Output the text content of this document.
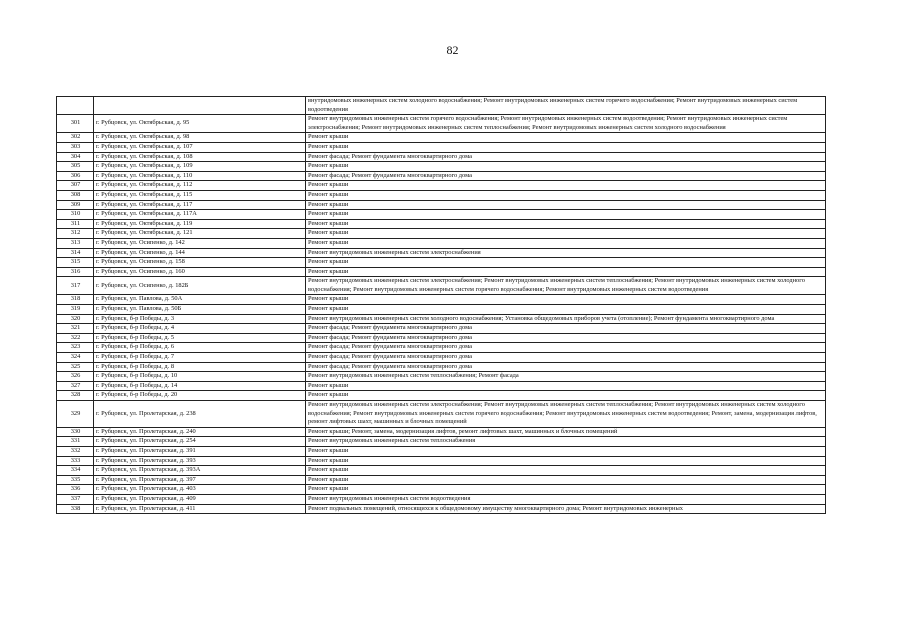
82
		внутридомовых инженерных систем холодного водоснабжения; Ремонт внутридомовых инженерных систем горячего водоснабжения; Ремонт внутридомовых инженерных систем водоотведения
301	г. Рубцовск, ул. Октябрьская, д. 95	Ремонт внутридомовых инженерных систем горячего водоснабжения; Ремонт внутридомовых инженерных систем водоотведения; Ремонт внутридомовых инженерных систем электроснабжения; Ремонт внутридомовых инженерных систем теплоснабжения; Ремонт внутридомовых инженерных систем холодного водоснабжения
302	г. Рубцовск, ул. Октябрьская, д. 98	Ремонт крыши
303	г. Рубцовск, ул. Октябрьская, д. 107	Ремонт крыши
304	г. Рубцовск, ул. Октябрьская, д. 108	Ремонт фасада; Ремонт фундамента многоквартирного дома
305	г. Рубцовск, ул. Октябрьская, д. 109	Ремонт крыши
306	г. Рубцовск, ул. Октябрьская, д. 110	Ремонт фасада; Ремонт фундамента многоквартирного дома
307	г. Рубцовск, ул. Октябрьская, д. 112	Ремонт крыши
308	г. Рубцовск, ул. Октябрьская, д. 115	Ремонт крыши
309	г. Рубцовск, ул. Октябрьская, д. 117	Ремонт крыши
310	г. Рубцовск, ул. Октябрьская, д. 117А	Ремонт крыши
311	г. Рубцовск, ул. Октябрьская, д. 119	Ремонт крыши
312	г. Рубцовск, ул. Октябрьская, д. 121	Ремонт крыши
313	г. Рубцовск, ул. Осипенко, д. 142	Ремонт крыши
314	г. Рубцовск, ул. Осипенко, д. 144	Ремонт внутридомовых инженерных систем электроснабжения
315	г. Рубцовск, ул. Осипенко, д. 158	Ремонт крыши
316	г. Рубцовск, ул. Осипенко, д. 160	Ремонт крыши
317	г. Рубцовск, ул. Осипенко, д. 182Б	Ремонт внутридомовых инженерных систем электроснабжения; Ремонт внутридомовых инженерных систем теплоснабжения; Ремонт внутридомовых инженерных систем холодного водоснабжения; Ремонт внутридомовых инженерных систем горячего водоснабжения; Ремонт внутридомовых инженерных систем водоотведения
318	г. Рубцовск, ул. Павлова, д. 50А	Ремонт крыши
319	г. Рубцовск, ул. Павлова, д. 50Б	Ремонт крыши
320	г. Рубцовск, б-р Победы, д. 3	Ремонт внутридомовых инженерных систем холодного водоснабжения; Установка общедомовых приборов учета (отопление); Ремонт фундамента многоквартирного дома
321	г. Рубцовск, б-р Победы, д. 4	Ремонт фасада; Ремонт фундамента многоквартирного дома
322	г. Рубцовск, б-р Победы, д. 5	Ремонт фасада; Ремонт фундамента многоквартирного дома
323	г. Рубцовск, б-р Победы, д. 6	Ремонт фасада; Ремонт фундамента многоквартирного дома
324	г. Рубцовск, б-р Победы, д. 7	Ремонт фасада; Ремонт фундамента многоквартирного дома
325	г. Рубцовск, б-р Победы, д. 8	Ремонт фасада; Ремонт фундамента многоквартирного дома
326	г. Рубцовск, б-р Победы, д. 10	Ремонт внутридомовых инженерных систем теплоснабжения; Ремонт фасада
327	г. Рубцовск, б-р Победы, д. 14	Ремонт крыши
328	г. Рубцовск, б-р Победы, д. 20	Ремонт крыши
329	г. Рубцовск, ул. Пролетарская, д. 238	Ремонт внутридомовых инженерных систем электроснабжения; Ремонт внутридомовых инженерных систем теплоснабжения; Ремонт внутридомовых инженерных систем холодного водоснабжения; Ремонт внутридомовых инженерных систем горячего водоснабжения; Ремонт внутридомовых инженерных систем водоотведения; Ремонт, замена, модернизация лифтов, ремонт лифтовых шахт, машинных и блочных помещений
330	г. Рубцовск, ул. Пролетарская, д. 240	Ремонт крыши; Ремонт, замена, модернизация лифтов, ремонт лифтовых шахт, машинных и блочных помещений
331	г. Рубцовск, ул. Пролетарская, д. 254	Ремонт внутридомовых инженерных систем теплоснабжения
332	г. Рубцовск, ул. Пролетарская, д. 391	Ремонт крыши
333	г. Рубцовск, ул. Пролетарская, д. 393	Ремонт крыши
334	г. Рубцовск, ул. Пролетарская, д. 393А	Ремонт крыши
335	г. Рубцовск, ул. Пролетарская, д. 397	Ремонт крыши
336	г. Рубцовск, ул. Пролетарская, д. 403	Ремонт крыши
337	г. Рубцовск, ул. Пролетарская, д. 409	Ремонт внутридомовых инженерных систем водоотведения
338	г. Рубцовск, ул. Пролетарская, д. 411	Ремонт подвальных помещений, относящихся к общедомовому имуществу многоквартирного дома; Ремонт внутридомовых инженерных
